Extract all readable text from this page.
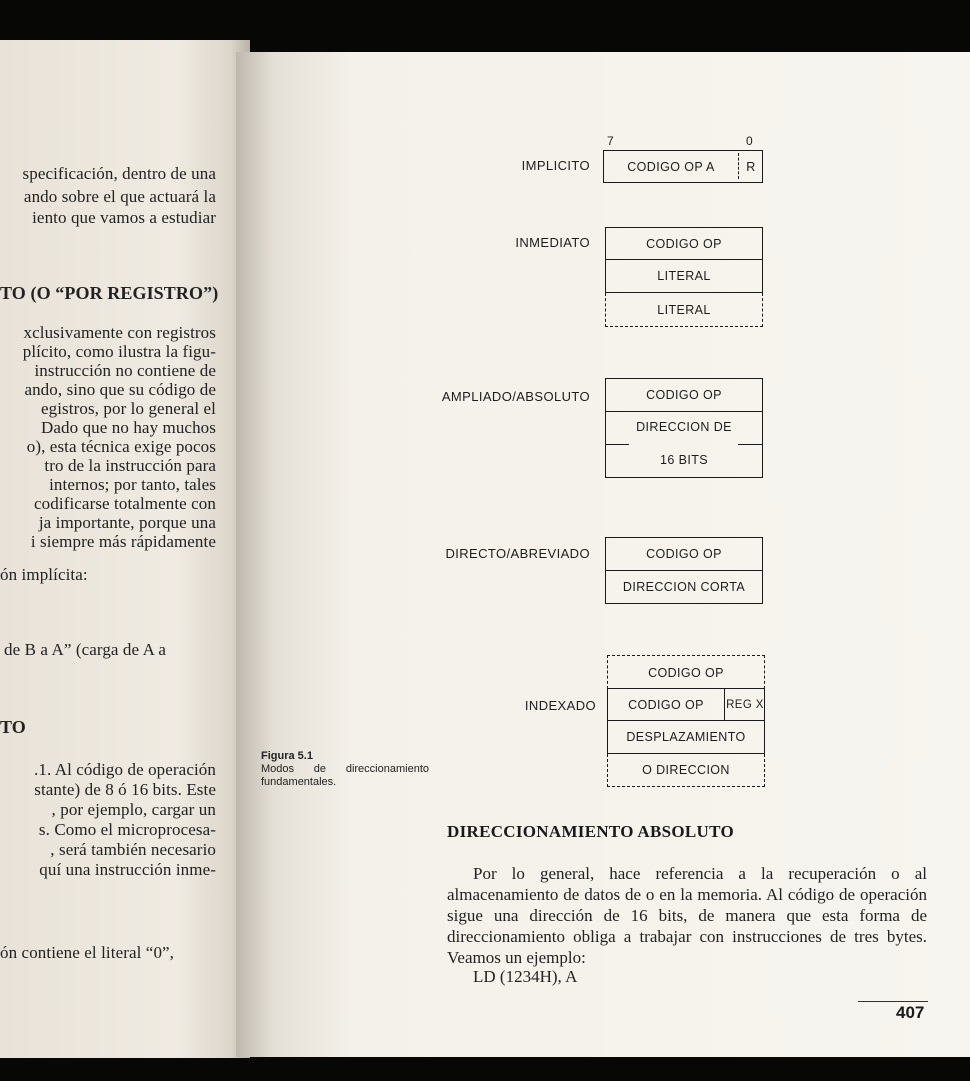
specificación, dentro de una
ando sobre el que actuará la
iento que vamos a estudiar
TO (O “POR REGISTRO”)
xclusivamente con registros
plícito, como ilustra la figu-
instrucción no contiene de
ando, sino que su código de
egistros, por lo general el
Dado que no hay muchos
o), esta técnica exige pocos
tro de la instrucción para
internos; por tanto, tales
codificarse totalmente con
ja importante, porque una
i siempre más rápidamente
ón implícita:
de B a A” (carga de A a
TO
.1. Al código de operación
stante) de 8 ó 16 bits. Este
, por ejemplo, cargar un
s. Como el microprocesa-
, será también necesario
quí una instrucción inme-
ón contiene el literal “0”,
7	0
IMPLICITO	CODIGO OP A	R
INMEDIATO	CODIGO OP
LITERAL
LITERAL
AMPLIADO/ABSOLUTO	CODIGO OP
DIRECCION DE
16 BITS
DIRECTO/ABREVIADO	CODIGO OP
DIRECCION CORTA
INDEXADO
CODIGO OP
CODIGO OP	REG X
DESPLAZAMIENTO
O DIRECCION
Figura 5.1
Modos de direccionamiento
fundamentales.
DIRECCIONAMIENTO ABSOLUTO
Por lo general, hace referencia a la recuperación o al almacenamiento de datos de o en la memoria. Al código de operación sigue una dirección de 16 bits, de manera que esta forma de direccionamiento obliga a trabajar con instrucciones de tres bytes. Veamos un ejemplo:
LD (1234H), A
407
